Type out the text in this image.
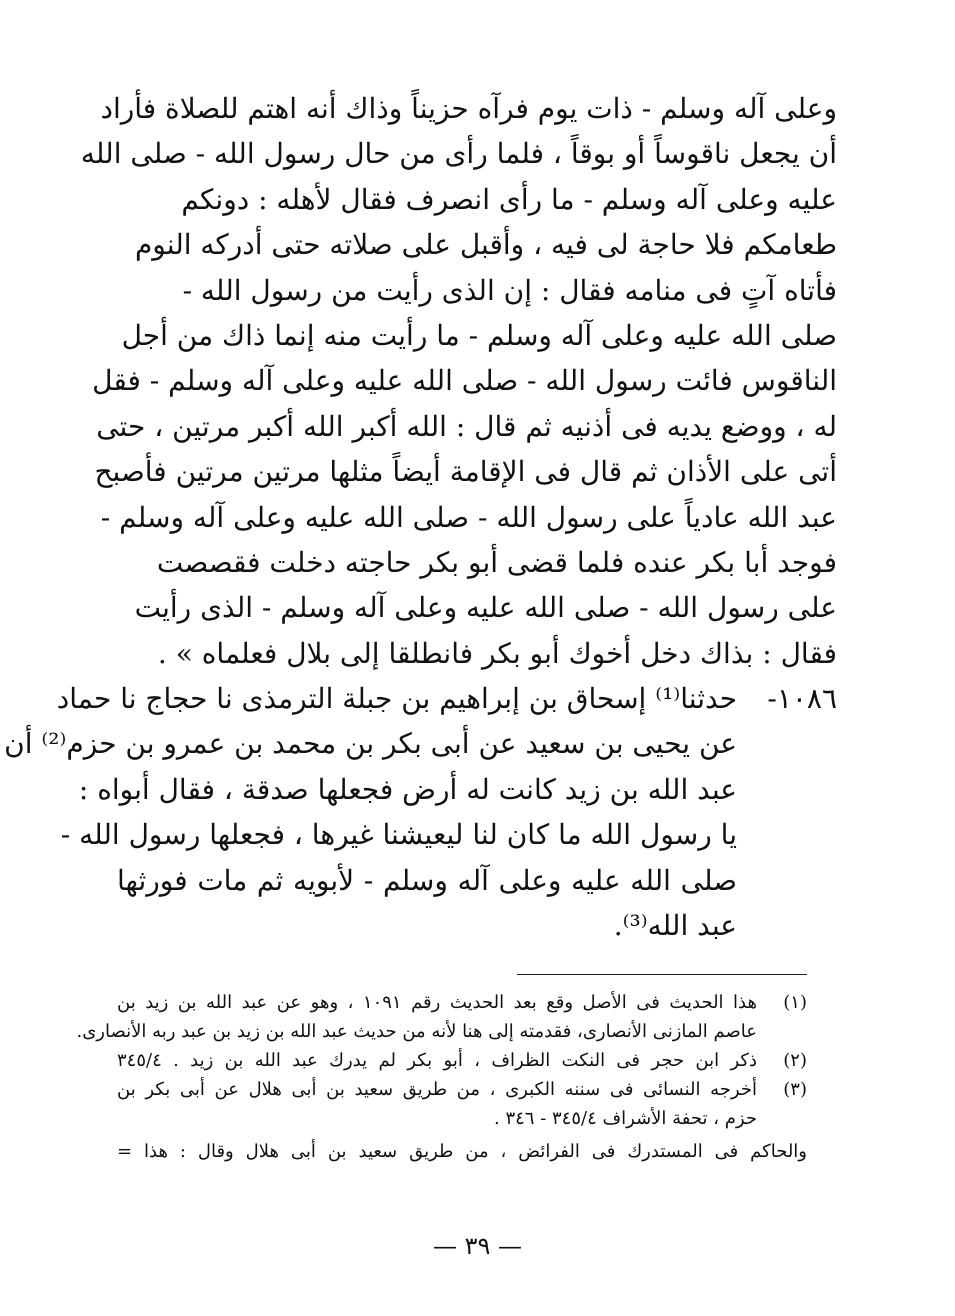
وعلى آله وسلم - ذات يوم فرآه حزيناً وذاك أنه اهتم للصلاة فأراد
أن يجعل ناقوساً أو بوقاً ، فلما رأى من حال رسول الله - صلى الله
عليه وعلى آله وسلم - ما رأى انصرف فقال لأهله : دونكم
طعامكم فلا حاجة لى فيه ، وأقبل على صلاته حتى أدركه النوم
فأتاه آتٍ فى منامه فقال : إن الذى رأيت من رسول الله -
صلى الله عليه وعلى آله وسلم - ما رأيت منه إنما ذاك من أجل
الناقوس فائت رسول الله - صلى الله عليه وعلى آله وسلم - فقل
له ، ووضع يديه فى أذنيه ثم قال : الله أكبر الله أكبر مرتين ، حتى
أتى على الأذان ثم قال فى الإقامة أيضاً مثلها مرتين مرتين فأصبح
عبد الله عادياً على رسول الله - صلى الله عليه وعلى آله وسلم -
فوجد أبا بكر عنده فلما قضى أبو بكر حاجته دخلت فقصصت
على رسول الله - صلى الله عليه وعلى آله وسلم - الذى رأيت
فقال : بذاك دخل أخوك أبو بكر فانطلقا إلى بلال فعلماه » .
١٠٨٦-
حدثنا⁽¹⁾ إسحاق بن إبراهيم بن جبلة الترمذى نا حجاج نا حماد
عن يحيى بن سعيد عن أبى بكر بن محمد بن عمرو بن حزم⁽²⁾ أن
عبد الله بن زيد كانت له أرض فجعلها صدقة ، فقال أبواه :
يا رسول الله ما كان لنا ليعيشنا غيرها ، فجعلها رسول الله -
صلى الله عليه وعلى آله وسلم - لأبويه ثم مات فورثها
عبد الله⁽³⁾.
(١)
هذا الحديث فى الأصل وقع بعد الحديث رقم ١٠٩١ ، وهو عن عبد الله بن زيد بن
عاصم المازنى الأنصارى، فقدمته إلى هنا لأنه من حديث عبد الله بن زيد بن عبد ربه الأنصارى.
(٢)
ذكر ابن حجر فى النكت الظراف ، أبو بكر لم يدرك عبد الله بن زيد . ٣٤٥/٤
(٣)
أخرجه النسائى فى سننه الكبرى ، من طريق سعيد بن أبى هلال عن أبى بكر بن
حزم ، تحفة الأشراف ٣٤٥/٤ - ٣٤٦ .
والحاكم فى المستدرك فى الفرائض ، من طريق سعيد بن أبى هلال وقال : هذا =
— ٣٩ —
